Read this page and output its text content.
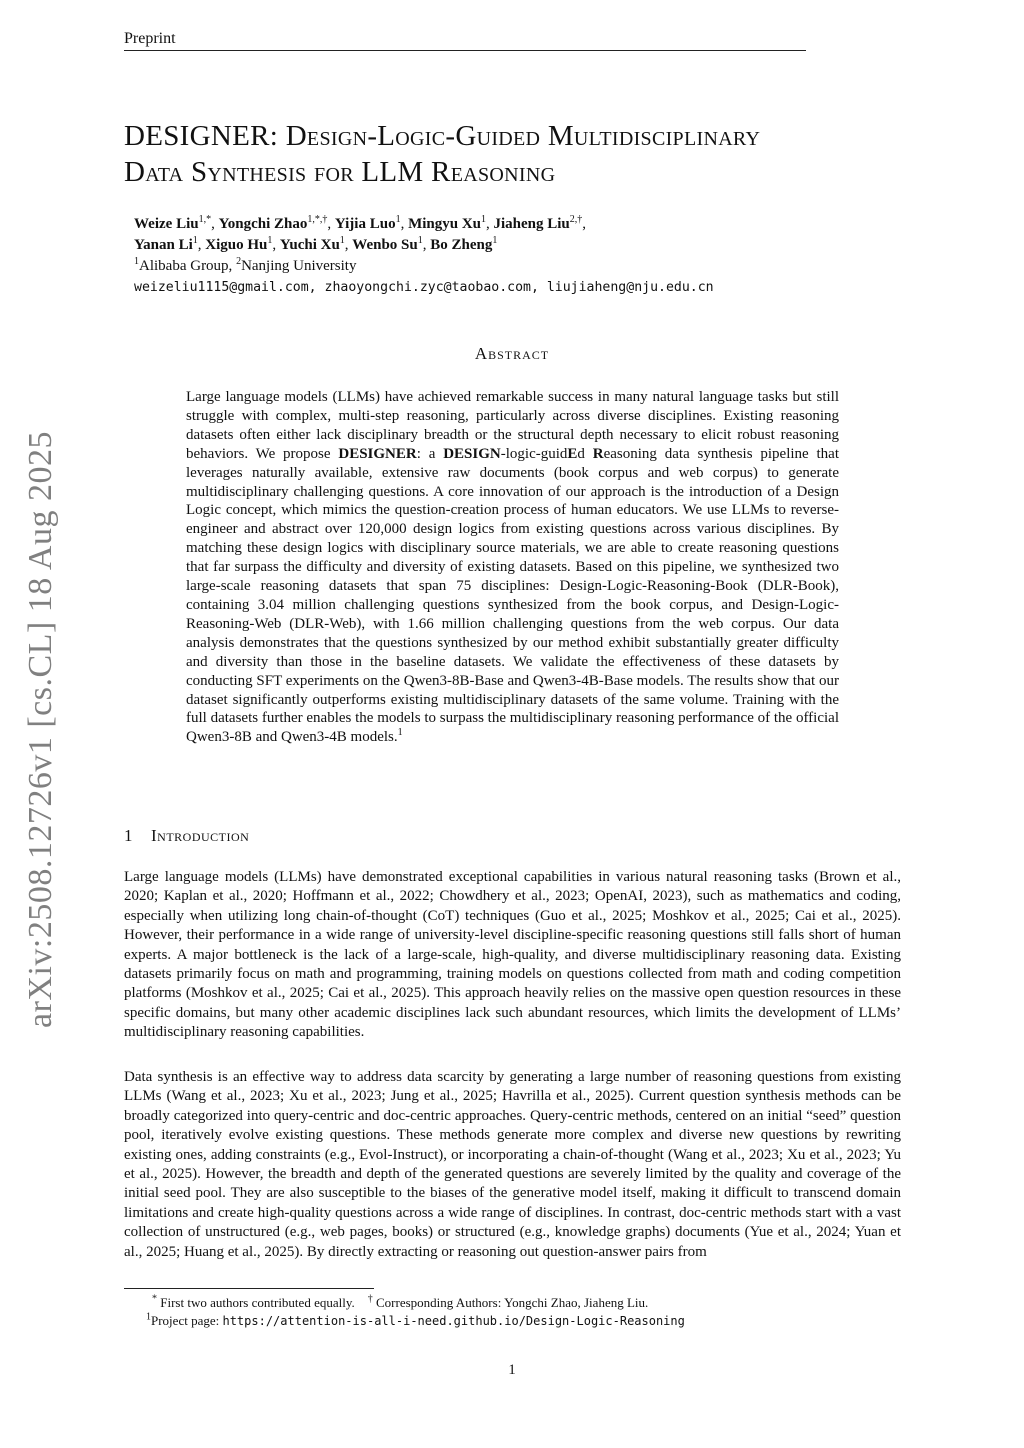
Preprint
arXiv:2508.12726v1 [cs.CL] 18 Aug 2025
DESIGNER: Design-Logic-Guided Multidisciplinary
Data Synthesis for LLM Reasoning
Weize Liu$^{1,*}$, Yongchi Zhao$^{1,*,\dagger}$, Yijia Luo$^1$, Mingyu Xu$^1$, Jiaheng Liu$^{2,\dagger}$,
Yanan Li$^1$, Xiguo Hu$^1$, Yuchi Xu$^1$, Wenbo Su$^1$, Bo Zheng$^1$

$^1$Alibaba Group, $^2$Nanjing University

weizeliu1115@gmail.com, zhaoyongchi.zyc@taobao.com, liujiaheng@nju.edu.cn

Abstract

Large language models (LLMs) have achieved remarkable success in many natural language tasks but still struggle with complex, multi-step reasoning, particularly across diverse disciplines. Existing reasoning datasets often either lack disciplinary breadth or the structural depth necessary to elicit robust reasoning behaviors. We propose DESIGNER: a DESIGN-logic-guidEd Reasoning data synthesis pipeline that leverages naturally available, extensive raw documents (book corpus and web corpus) to generate multidisciplinary challenging questions. A core innovation of our approach is the introduction of a Design Logic concept, which mimics the question-creation process of human educators. We use LLMs to reverse-engineer and abstract over 120,000 design logics from existing questions across various disciplines. By matching these design logics with disciplinary source materials, we are able to create reasoning questions that far surpass the difficulty and diversity of existing datasets. Based on this pipeline, we synthesized two large-scale reasoning datasets that span 75 disciplines: Design-Logic-Reasoning-Book (DLR-Book), containing 3.04 million challenging questions synthesized from the book corpus, and Design-Logic-Reasoning-Web (DLR-Web), with 1.66 million challenging questions from the web corpus. Our data analysis demonstrates that the questions synthesized by our method exhibit substantially greater difficulty and diversity than those in the baseline datasets. We validate the effectiveness of these datasets by conducting SFT experiments on the Qwen3-8B-Base and Qwen3-4B-Base models. The results show that our dataset significantly outperforms existing multidisciplinary datasets of the same volume. Training with the full datasets further enables the models to surpass the multidisciplinary reasoning performance of the official Qwen3-8B and Qwen3-4B models.$^1$

1 Introduction

Large language models (LLMs) have demonstrated exceptional capabilities in various natural reasoning tasks (Brown et al., 2020; Kaplan et al., 2020; Hoffmann et al., 2022; Chowdhery et al., 2023; OpenAI, 2023), such as mathematics and coding, especially when utilizing long chain-of-thought (CoT) techniques (Guo et al., 2025; Moshkov et al., 2025; Cai et al., 2025). However, their performance in a wide range of university-level discipline-specific reasoning questions still falls short of human experts. A major bottleneck is the lack of a large-scale, high-quality, and diverse multidisciplinary reasoning data. Existing datasets primarily focus on math and programming, training models on questions collected from math and coding competition platforms (Moshkov et al., 2025; Cai et al., 2025). This approach heavily relies on the massive open question resources in these specific domains, but many other academic disciplines lack such abundant resources, which limits the development of LLMs’ multidisciplinary reasoning capabilities.

Data synthesis is an effective way to address data scarcity by generating a large number of reasoning questions from existing LLMs (Wang et al., 2023; Xu et al., 2023; Jung et al., 2025; Havrilla et al., 2025). Current question synthesis methods can be broadly categorized into query-centric and doc-centric approaches. Query-centric methods, centered on an initial “seed” question pool, iteratively evolve existing questions. These methods generate more complex and diverse new questions by rewriting existing ones, adding constraints (e.g., Evol-Instruct), or incorporating a chain-of-thought (Wang et al., 2023; Xu et al., 2023; Yu et al., 2025). However, the breadth and depth of the generated questions are severely limited by the quality and coverage of the initial seed pool. They are also susceptible to the biases of the generative model itself, making it difficult to transcend domain limitations and create high-quality questions across a wide range of disciplines. In contrast, doc-centric methods start with a vast collection of unstructured (e.g., web pages, books) or structured (e.g., knowledge graphs) documents (Yue et al., 2024; Yuan et al., 2025; Huang et al., 2025). By directly extracting or reasoning out question-answer pairs from

* First two authors contributed equally. † Corresponding Authors: Yongchi Zhao, Jiaheng Liu.
$^1$Project page: https://attention-is-all-i-need.github.io/Design-Logic-Reasoning
1
